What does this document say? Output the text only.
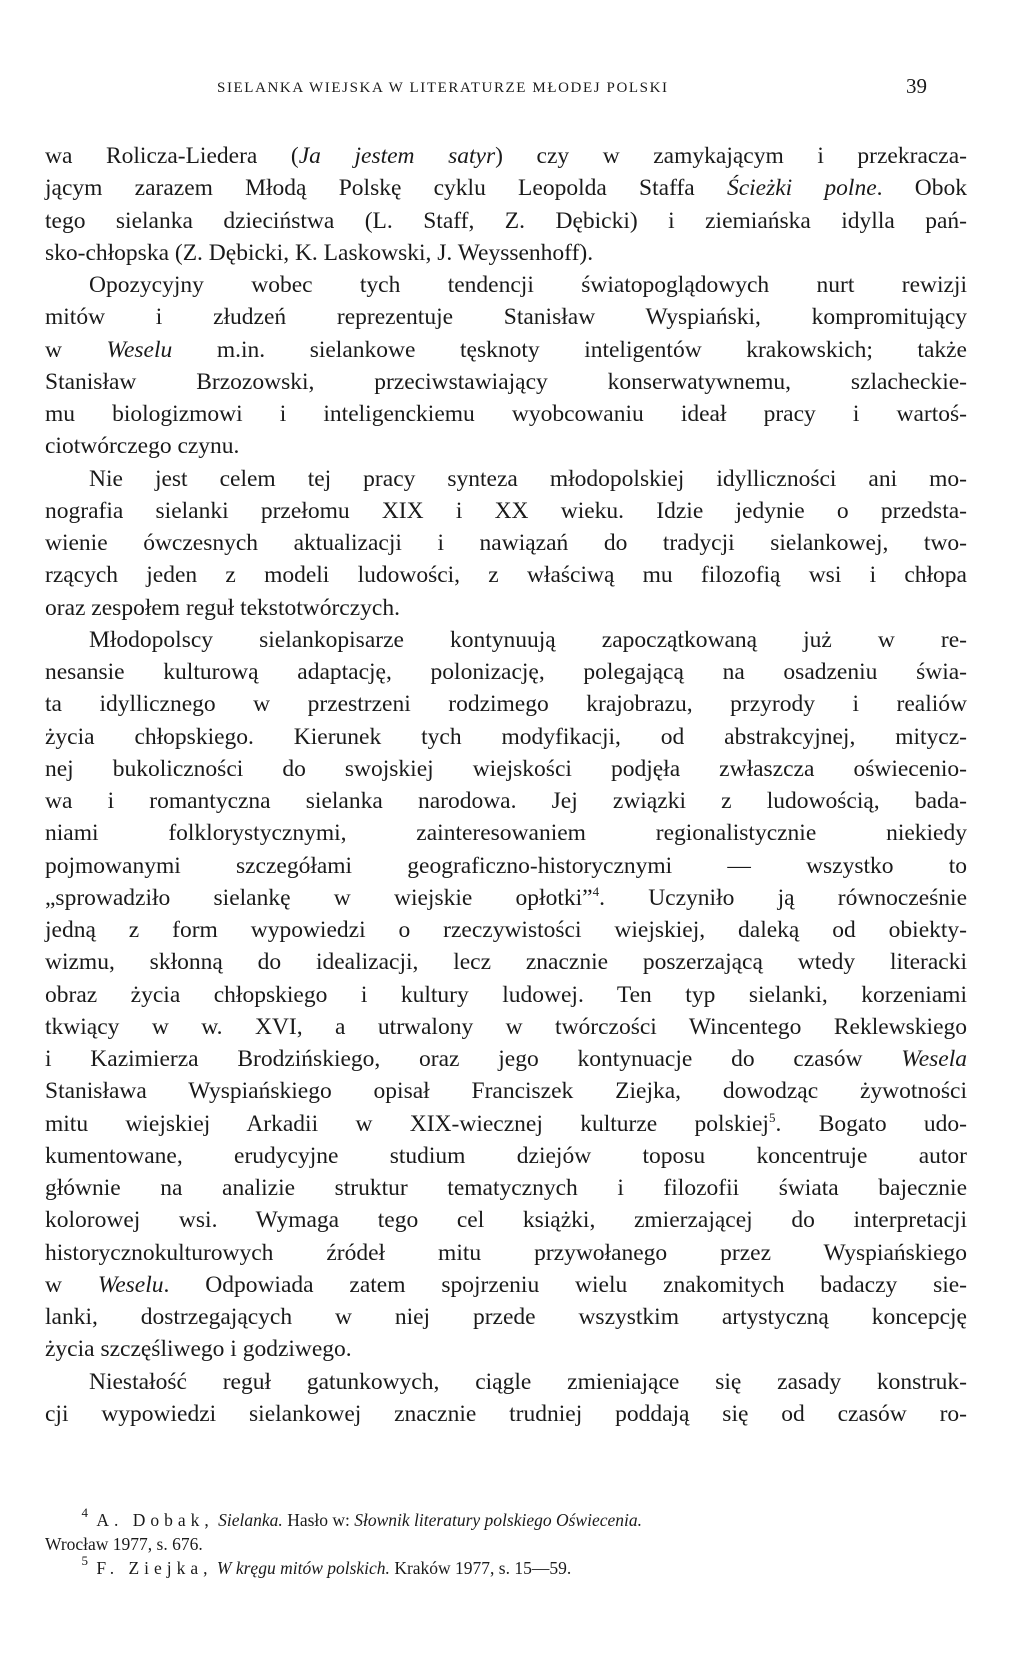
SIELANKA WIEJSKA W LITERATURZE MŁODEJ POLSKI	39
wa Rolicza-Liedera (Ja jestem satyr) czy w zamykającym i przekracza-
jącym zarazem Młodą Polskę cyklu Leopolda Staffa Ścieżki polne. Obok
tego sielanka dzieciństwa (L. Staff, Z. Dębicki) i ziemiańska idylla pań-
sko-chłopska (Z. Dębicki, K. Laskowski, J. Weyssenhoff).
Opozycyjny wobec tych tendencji światopoglądowych nurt rewizji
mitów i złudzeń reprezentuje Stanisław Wyspiański, kompromitujący
w Weselu m.in. sielankowe tęsknoty inteligentów krakowskich; także
Stanisław Brzozowski, przeciwstawiający konserwatywnemu, szlacheckie-
mu biologizmowi i inteligenckiemu wyobcowaniu ideał pracy i wartoś-
ciotwórczego czynu.
Nie jest celem tej pracy synteza młodopolskiej idylliczności ani mo-
nografia sielanki przełomu XIX i XX wieku. Idzie jedynie o przedsta-
wienie ówczesnych aktualizacji i nawiązań do tradycji sielankowej, two-
rzących jeden z modeli ludowości, z właściwą mu filozofią wsi i chłopa
oraz zespołem reguł tekstotwórczych.
Młodopolscy sielankopisarze kontynuują zapoczątkowaną już w re-
nesansie kulturową adaptację, polonizację, polegającą na osadzeniu świa-
ta idyllicznego w przestrzeni rodzimego krajobrazu, przyrody i realiów
życia chłopskiego. Kierunek tych modyfikacji, od abstrakcyjnej, mitycz-
nej bukoliczności do swojskiej wiejskości podjęła zwłaszcza oświecenio-
wa i romantyczna sielanka narodowa. Jej związki z ludowością, bada-
niami folklorystycznymi, zainteresowaniem regionalistycznie niekiedy
pojmowanymi szczegółami geograficzno-historycznymi — wszystko to
„sprowadziło sielankę w wiejskie opłotki”$^4$. Uczyniło ją równocześnie
jedną z form wypowiedzi o rzeczywistości wiejskiej, daleką od obiekty-
wizmu, skłonną do idealizacji, lecz znacznie poszerzającą wtedy literacki
obraz życia chłopskiego i kultury ludowej. Ten typ sielanki, korzeniami
tkwiący w w. XVI, a utrwalony w twórczości Wincentego Reklewskiego
i Kazimierza Brodzińskiego, oraz jego kontynuacje do czasów Wesela
Stanisława Wyspiańskiego opisał Franciszek Ziejka, dowodząc żywotności
mitu wiejskiej Arkadii w XIX-wiecznej kulturze polskiej$^5$. Bogato udo-
kumentowane, erudycyjne studium dziejów toposu koncentruje autor
głównie na analizie struktur tematycznych i filozofii świata bajecznie
kolorowej wsi. Wymaga tego cel książki, zmierzającej do interpretacji
historycznokulturowych źródeł mitu przywołanego przez Wyspiańskiego
w Weselu. Odpowiada zatem spojrzeniu wielu znakomitych badaczy sie-
lanki, dostrzegających w niej przede wszystkim artystyczną koncepcję
życia szczęśliwego i godziwego.
Niestałość reguł gatunkowych, ciągle zmieniające się zasady konstruk-
cji wypowiedzi sielankowej znacznie trudniej poddają się od czasów ro-
$^4$ A. Dobak, Sielanka. Hasło w: Słownik literatury polskiego Oświecenia.
Wrocław 1977, s. 676.
$^5$ F. Ziejka, W kręgu mitów polskich. Kraków 1977, s. 15—59.
